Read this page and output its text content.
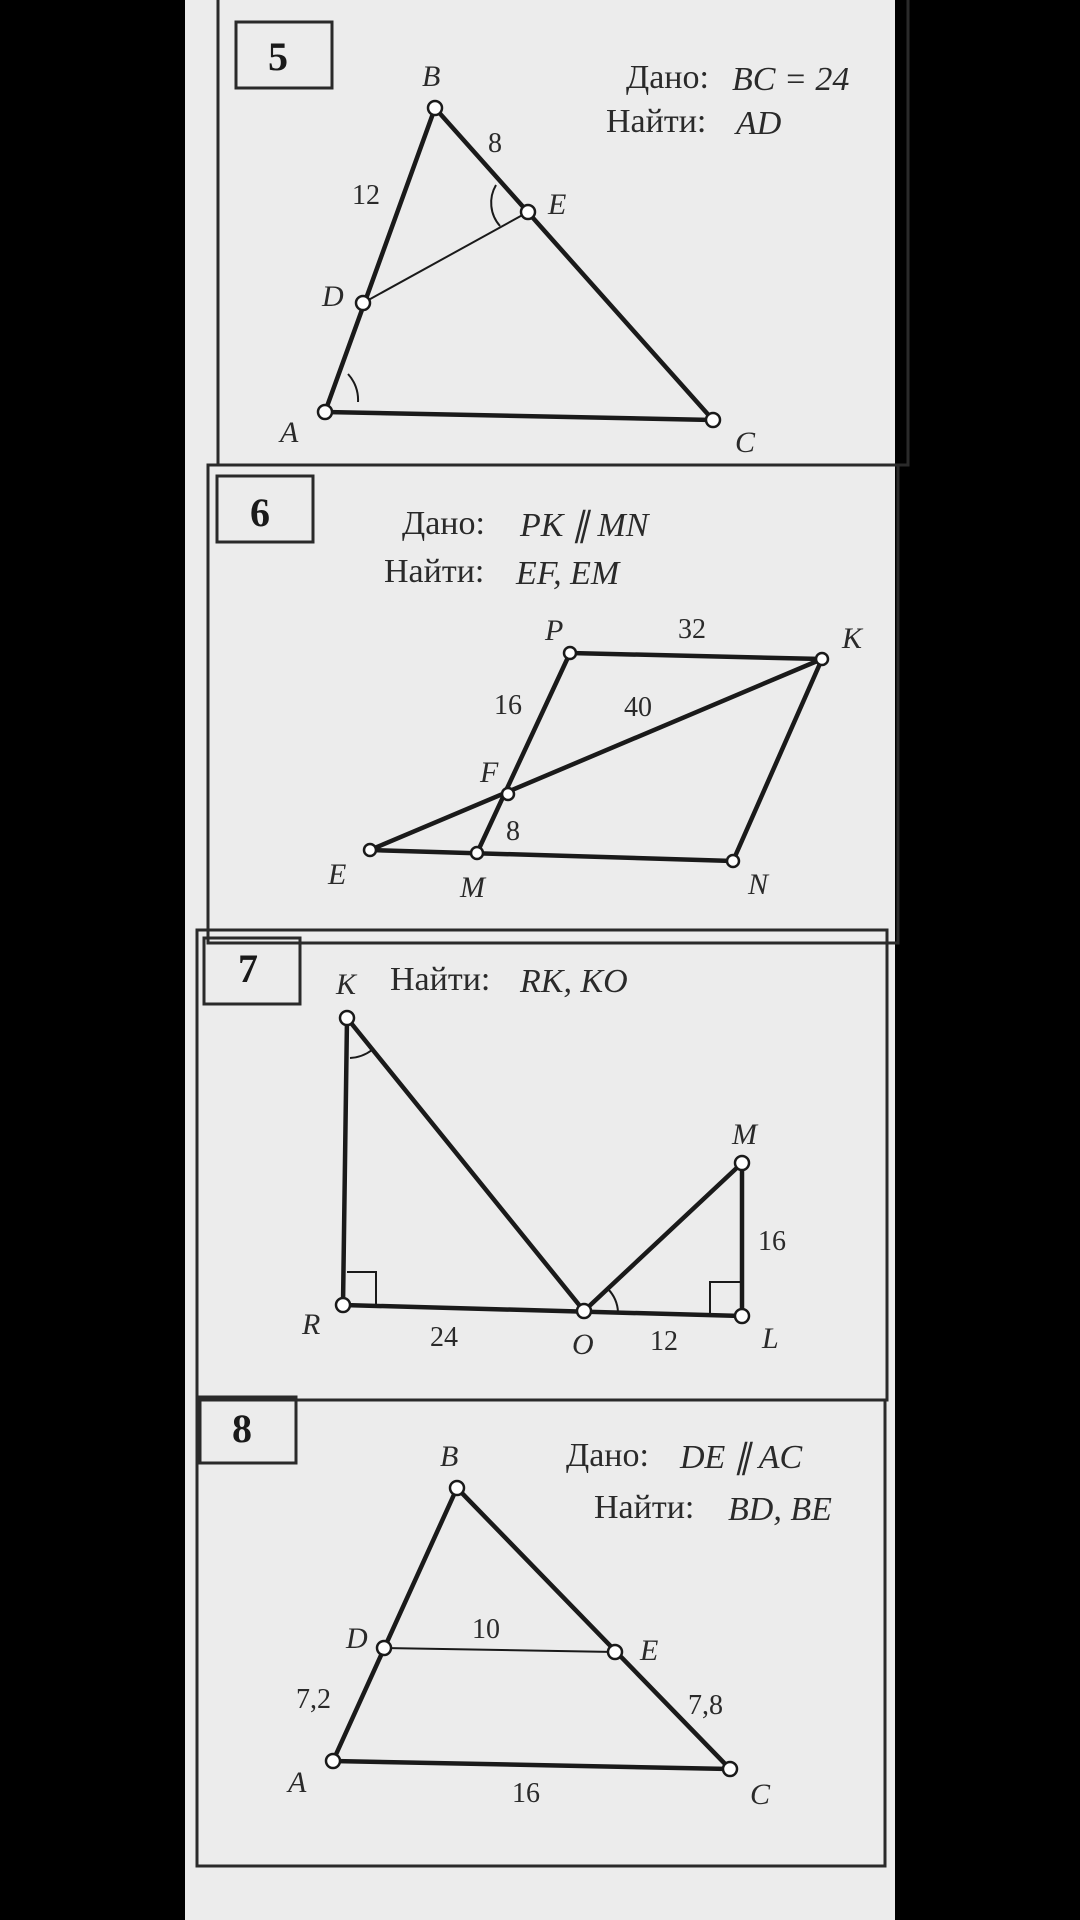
5	Дано: BC = 24
Найти: AD
A
B
C
D
E
8
12
6	Дано: PK ∥ MN
Найти: EF, EM
P	K
F
E	M	N
32
16	40
8
7	Найти: RK, KO
K
R
O	L
M
24	12
16
8
Дано: DE ∥ AC
Найти: BD, BE
A
B
C
D	E
10
7,2	7,8
16
